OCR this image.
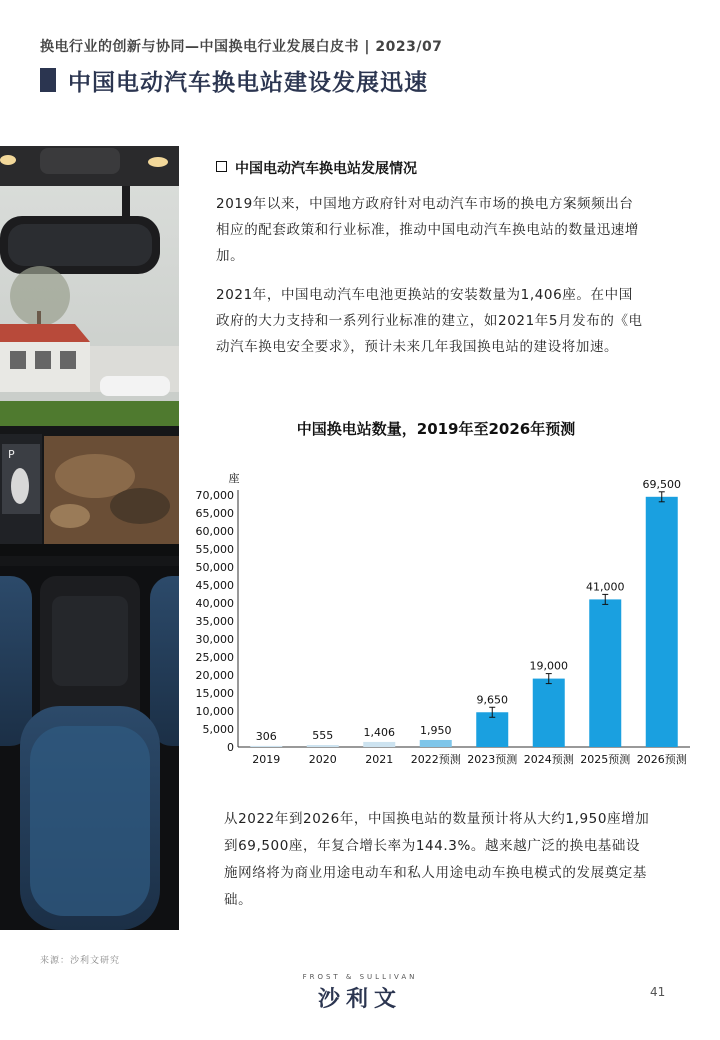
换电行业的创新与协同—中国换电行业发展白皮书 | 2023/07
中国电动汽车换电站建设发展迅速
P
中国电动汽车换电站发展情况
2019年以来，中国地方政府针对电动汽车市场的换电方案频频出台相应的配套政策和行业标准，推动中国电动汽车换电站的数量迅速增加。
2021年，中国电动汽车电池更换站的安装数量为1,406座。在中国政府的大力支持和一系列行业标准的建立，如2021年5月发布的《电动汽车换电安全要求》，预计未来几年我国换电站的建设将加速。
中国换电站数量，2019年至2026年预测
座
0
5,000
10,000
15,000
20,000
25,000
30,000
35,000
40,000
45,000
50,000
55,000
60,000
65,000
70,000
306
2019
555
2020
1,406
2021
1,950
2022预测
9,650
2023预测
19,000
2024预测
41,000
2025预测
69,500
2026预测
从2022年到2026年，中国换电站的数量预计将从大约1,950座增加到69,500座，年复合增长率为144.3%。越来越广泛的换电基础设施网络将为商业用途电动车和私人用途电动车换电模式的发展奠定基础。
来源：沙利文研究
FROST & SULLIVAN
沙利文	41
